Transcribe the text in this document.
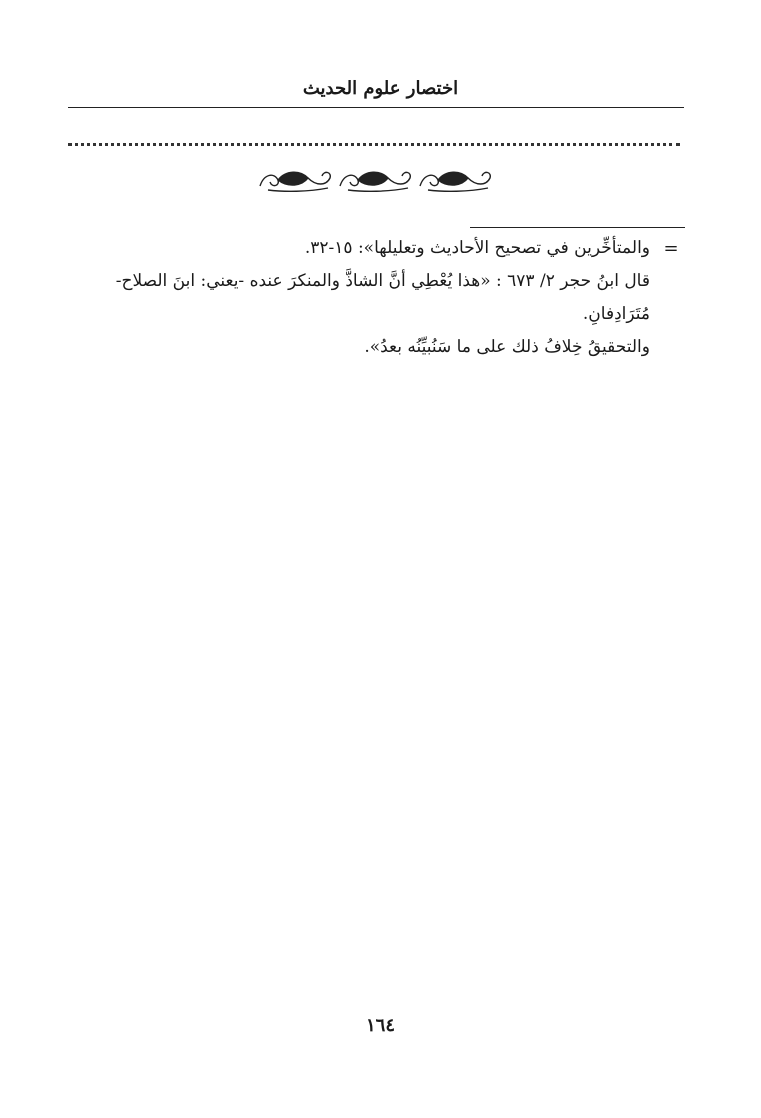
اختصار علوم الحديث
=

والمتأخِّرين في تصحيح الأحاديث وتعليلها»: ١٥-٣٢.

قال ابنُ حجر ٢/ ٦٧٣ : «هذا يُعْطِي أنَّ الشاذَّ والمنكرَ عنده -يعني: ابنَ الصلاح- مُتَرَادِفانِ.

والتحقيقُ خِلافُ ذلك على ما سَنُبيِّنُه بعدُ».

١٦٤
